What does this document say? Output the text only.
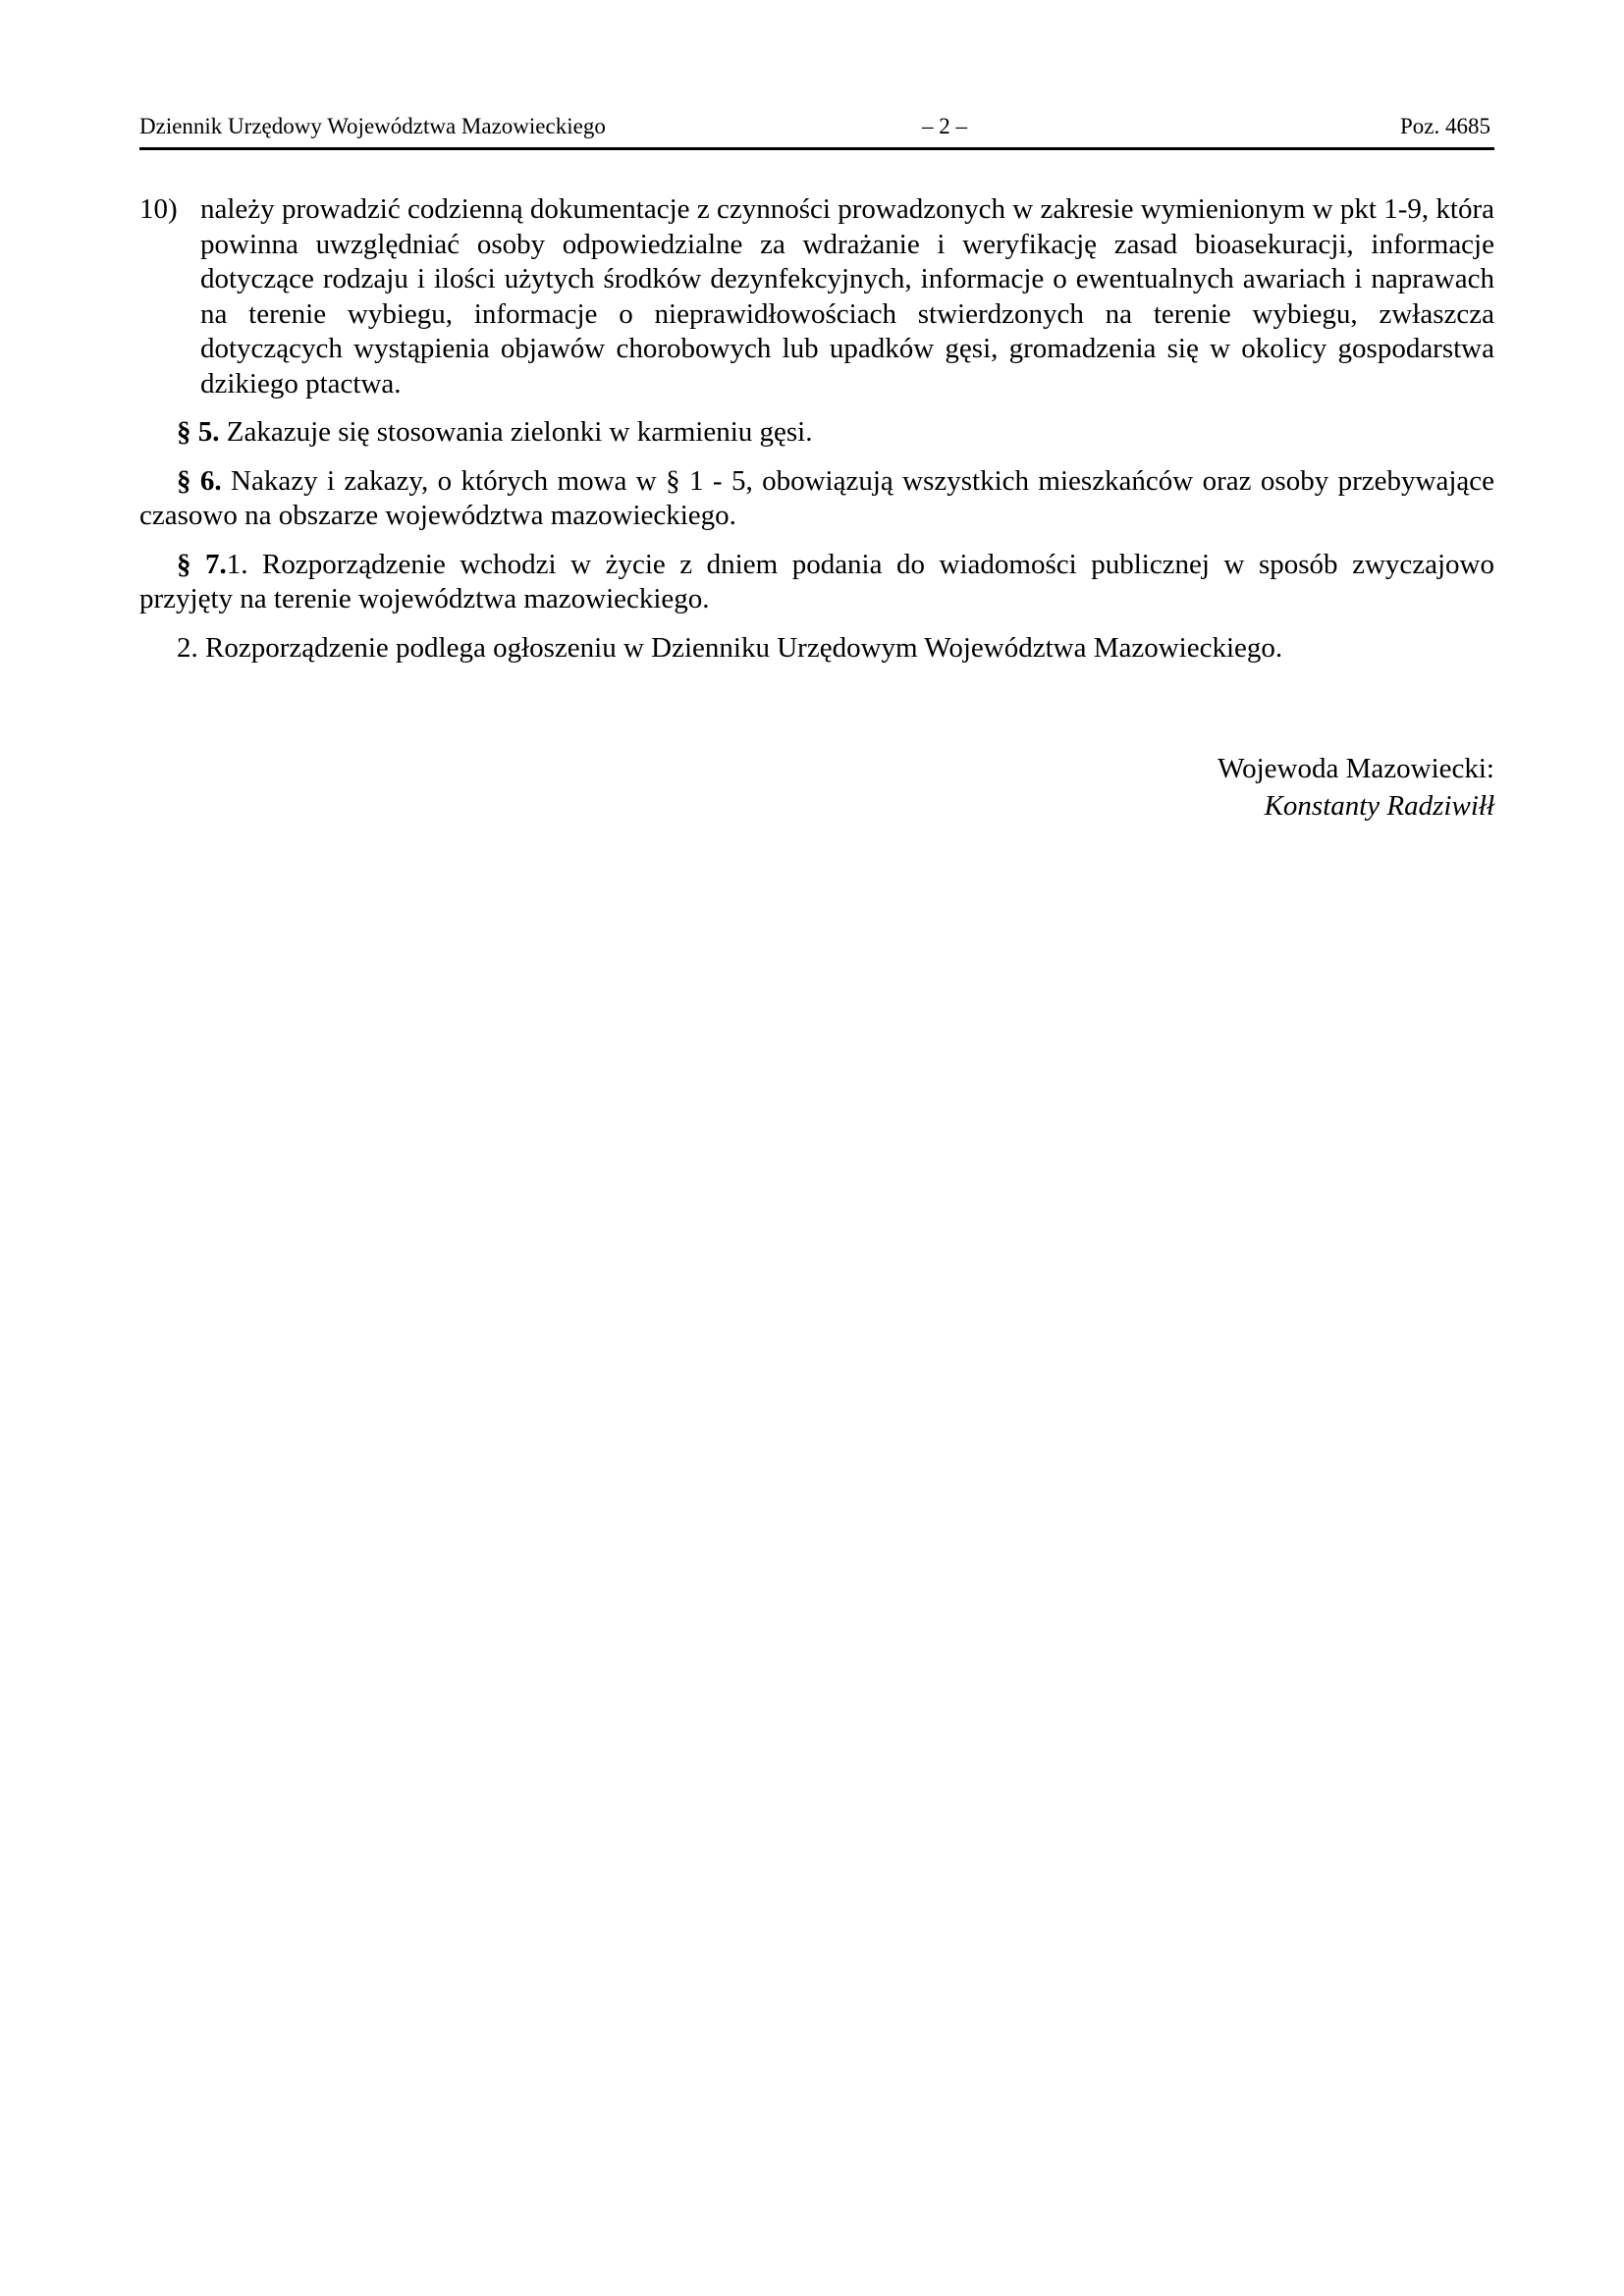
Dziennik Urzędowy Województwa Mazowieckiego	– 2 –	Poz. 4685
10) należy prowadzić codzienną dokumentacje z czynności prowadzonych w zakresie wymienionym w pkt 1-9, która powinna uwzględniać osoby odpowiedzialne za wdrażanie i weryfikację zasad bioasekuracji, informacje dotyczące rodzaju i ilości użytych środków dezynfekcyjnych, informacje o ewentualnych awariach i naprawach na terenie wybiegu, informacje o nieprawidłowościach stwierdzonych na terenie wybiegu, zwłaszcza dotyczących wystąpienia objawów chorobowych lub upadków gęsi, gromadzenia się w okolicy gospodarstwa dzikiego ptactwa.

§ 5. Zakazuje się stosowania zielonki w karmieniu gęsi.

§ 6. Nakazy i zakazy, o których mowa w § 1 - 5, obowiązują wszystkich mieszkańców oraz osoby przebywające czasowo na obszarze województwa mazowieckiego.

§ 7.1. Rozporządzenie wchodzi w życie z dniem podania do wiadomości publicznej w sposób zwyczajowo przyjęty na terenie województwa mazowieckiego.

2. Rozporządzenie podlega ogłoszeniu w Dzienniku Urzędowym Województwa Mazowieckiego.

Wojewoda Mazowiecki:
Konstanty Radziwiłł
